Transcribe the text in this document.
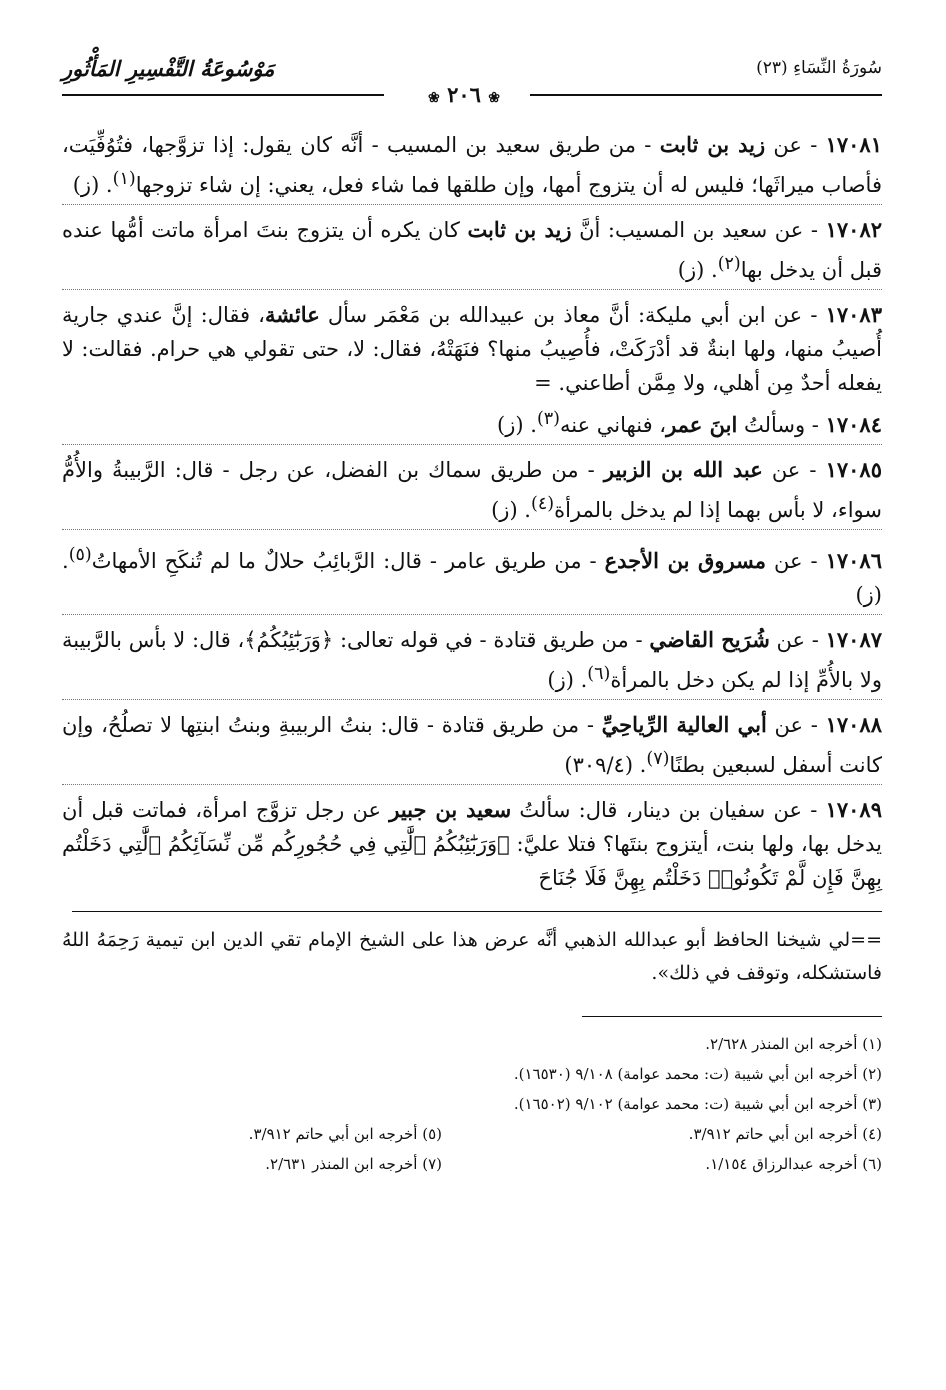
سُورَةُ النِّسَاءِ (٢٣)
مَوْسُوعَةُ التَّفْسِيرِ المَأْثُورِ
❀ ٢٠٦ ❀

١٧٠٨١ - عن زيد بن ثابت - من طريق سعيد بن المسيب - أنَّه كان يقول: إذا تزوَّجها، فتُوُفِّيَت، فأصاب ميراثَها؛ فليس له أن يتزوج أمها، وإن طلقها فما شاء فعل، يعني: إن شاء تزوجها$^{(١)}$. (ز)

١٧٠٨٢ - عن سعيد بن المسيب: أنَّ زيد بن ثابت كان يكره أن يتزوج بنتَ امرأة ماتت أمُّها عنده قبل أن يدخل بها$^{(٢)}$. (ز)

١٧٠٨٣ - عن ابن أبي مليكة: أنَّ معاذ بن عبيدالله بن مَعْمَر سأل عائشة، فقال: إنَّ عندي جارية أُصيبُ منها، ولها ابنةٌ قد أدْرَكَتْ، فأُصِيبُ منها؟ فنَهَتْهُ، فقال: لا، حتى تقولي هي حرام. فقالت: لا يفعله أحدٌ مِن أهلي، ولا مِمَّن أطاعني. =

١٧٠٨٤ - وسألتُ ابنَ عمر، فنهاني عنه$^{(٣)}$. (ز)

١٧٠٨٥ - عن عبد الله بن الزبير - من طريق سماك بن الفضل، عن رجل - قال: الرَّبيبةُ والأُمُّ سواء، لا بأس بهما إذا لم يدخل بالمرأة$^{(٤)}$. (ز)

١٧٠٨٦ - عن مسروق بن الأجدع - من طريق عامر - قال: الرَّبائِبُ حلالٌ ما لم تُنكَحِ الأمهاتُ$^{(٥)}$. (ز)

١٧٠٨٧ - عن شُرَيح القاضي - من طريق قتادة - في قوله تعالى: ﴿وَرَبَٰٓئِبُكُمُ﴾، قال: لا بأس بالرَّبيبة ولا بالأُمِّ إذا لم يكن دخل بالمرأة$^{(٦)}$. (ز)

١٧٠٨٨ - عن أبي العالية الرِّياحِيِّ - من طريق قتادة - قال: بنتُ الربيبةِ وبنتُ ابنتِها لا تصلُحُ، وإن كانت أسفل لسبعين بطنًا$^{(٧)}$. (٣٠٩/٤)

١٧٠٨٩ - عن سفيان بن دينار، قال: سألتُ سعيد بن جبير عن رجل تزوَّج امرأة، فماتت قبل أن يدخل بها، ولها بنت، أيتزوج بنتَها؟ فتلا عليَّ: ﴿وَرَبَٰٓئِبُكُمُ ٱلَّٰتِي فِي حُجُورِكُم مِّن نِّسَآئِكُمُ ٱلَّٰتِي دَخَلْتُم بِهِنَّ فَإِن لَّمْ تَكُونُوا۟ دَخَلْتُم بِهِنَّ فَلَا جُنَاحَ

==لي شيخنا الحافظ أبو عبدالله الذهبي أنَّه عرض هذا على الشيخ الإمام تقي الدين ابن تيمية رَحِمَهُ اللهُ فاستشكله، وتوقف في ذلك».
(١) أخرجه ابن المنذر ٢/٦٢٨.
(٢) أخرجه ابن أبي شيبة (ت: محمد عوامة) ٩/١٠٨ (١٦٥٣٠).
(٣) أخرجه ابن أبي شيبة (ت: محمد عوامة) ٩/١٠٢ (١٦٥٠٢).
(٤) أخرجه ابن أبي حاتم ٣/٩١٢.
(٥) أخرجه ابن أبي حاتم ٣/٩١٢.
(٦) أخرجه عبدالرزاق ١/١٥٤.
(٧) أخرجه ابن المنذر ٢/٦٣١.
